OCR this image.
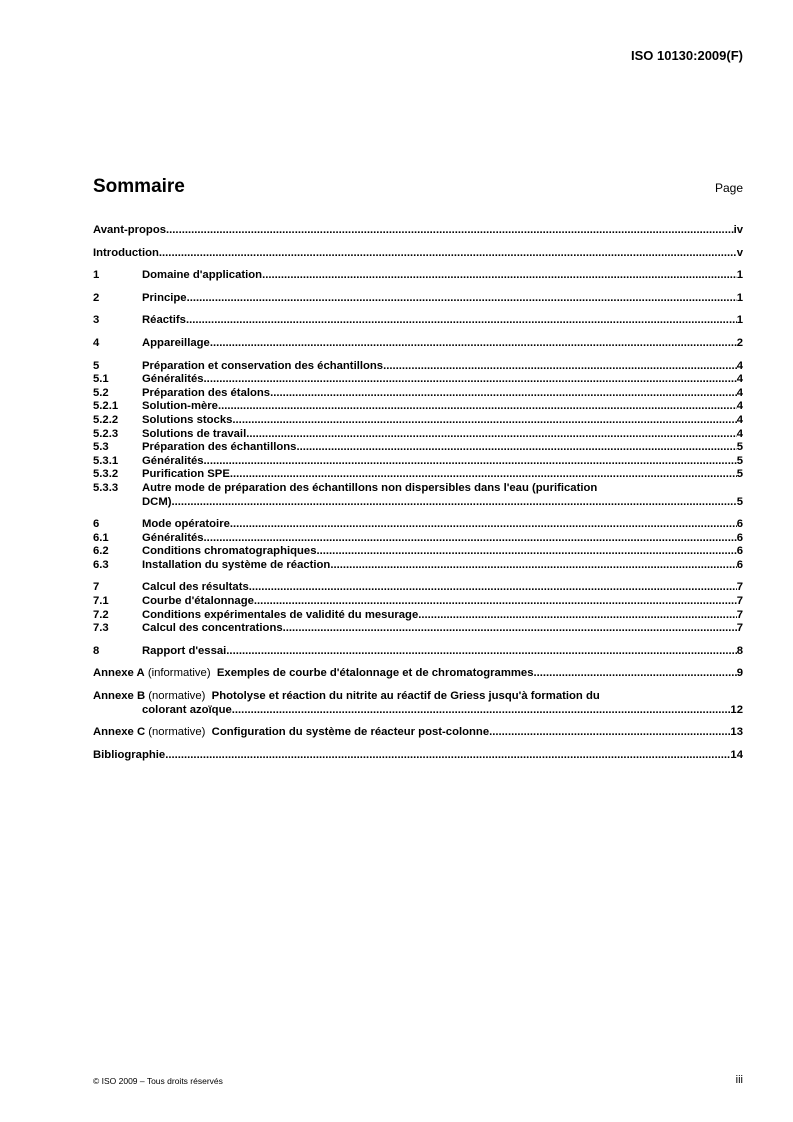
ISO 10130:2009(F)
Sommaire	Page
Avant-propos .....	iv
Introduction .....	v
1	Domaine d'application .....	1
2	Principe .....	1
3	Réactifs .....	1
4	Appareillage .....	2
5	Préparation et conservation des échantillons .....	4
5.1	Généralités .....	4
5.2	Préparation des étalons .....	4
5.2.1	Solution-mère .....	4
5.2.2	Solutions stocks .....	4
5.2.3	Solutions de travail .....	4
5.3	Préparation des échantillons .....	5
5.3.1	Généralités .....	5
5.3.2	Purification SPE .....	5
5.3.3	Autre mode de préparation des échantillons non dispersibles dans l'eau (purification
DCM) .....	5
6	Mode opératoire .....	6
6.1	Généralités .....	6
6.2	Conditions chromatographiques .....	6
6.3	Installation du système de réaction .....	6
7	Calcul des résultats .....	7
7.1	Courbe d'étalonnage .....	7
7.2	Conditions expérimentales de validité du mesurage .....	7
7.3	Calcul des concentrations .....	7
8	Rapport d'essai .....	8
Annexe A
(informative)
Exemples de courbe d'étalonnage et de chromatogrammes .....	9
Annexe B
(normative)
Photolyse et réaction du nitrite au réactif de Griess jusqu'à formation du
colorant azoïque .....	12
Annexe C
(normative)
Configuration du système de réacteur post-colonne .....	13
Bibliographie .....	14
© ISO 2009 – Tous droits réservés	iii
